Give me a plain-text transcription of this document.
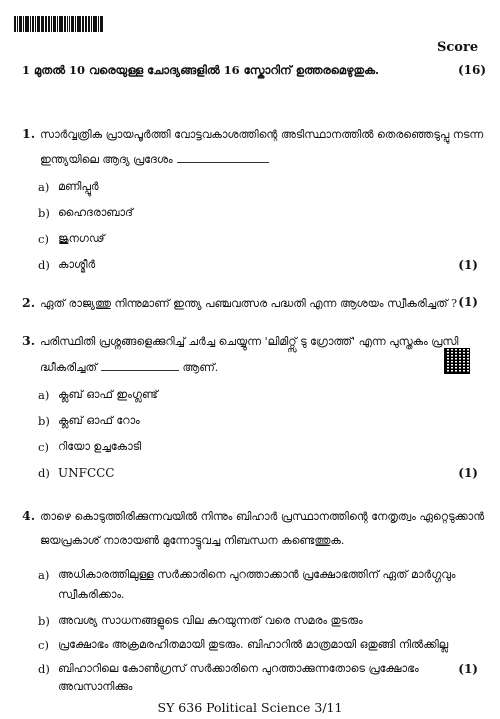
Score
1 മുതൽ 10 വരെയുള്ള ചോദ്യങ്ങളിൽ 16 സ്കോറിന് ഉത്തരമെഴുതുക.	(16)
1. സാർവ്വത്രിക പ്രായപൂർത്തി വോട്ടവകാശത്തിന്റെ അടിസ്ഥാനത്തിൽ തെരഞ്ഞെടുപ്പു നടന്ന
ഇന്ത്യയിലെ ആദ്യ പ്രദേശം
a) മണിപ്പൂർ
b) ഹൈദരാബാദ്
c) ജുനഗഢ്
d) കാശ്മീർ	(1)
2. ഏത് രാജ്യത്തു നിന്നുമാണ് ഇന്ത്യ പഞ്ചവത്സര പദ്ധതി എന്ന ആശയം സ്വീകരിച്ചത് ? (1)
3. പരിസ്ഥിതി പ്രശ്നങ്ങളെക്കുറിച്ച് ചർച്ച ചെയ്യുന്ന 'ലിമിറ്റ്സ് ടു ഗ്രോത്ത്' എന്ന പുസ്തകം പ്രസി
ദ്ധീകരിച്ചത്	ആണ്.
a) ക്ലബ് ഓഫ് ഇംഗ്ലണ്ട്
b) ക്ലബ് ഓഫ് റോം
c) റിയോ ഉച്ചകോടി
d) UNFCCC	(1)
4. താഴെ കൊടുത്തിരിക്കുന്നവയിൽ നിന്നും ബിഹാർ പ്രസ്ഥാനത്തിന്റെ നേതൃത്വം ഏറ്റെടുക്കാൻ
ജയപ്രകാശ് നാരായൺ മുന്നോട്ടുവച്ച നിബന്ധന കണ്ടെത്തുക.
a) അധികാരത്തിലുള്ള സർക്കാരിനെ പുറത്താക്കാൻ പ്രക്ഷോഭത്തിന് ഏത് മാർഗ്ഗവും
സ്വീകരിക്കാം.
b) അവശ്യ സാധനങ്ങളുടെ വില കുറയുന്നത് വരെ സമരം തുടരും
c) പ്രക്ഷോഭം അക്രമരഹിതമായി തുടരും. ബിഹാറിൽ മാത്രമായി ഒതുങ്ങി നിൽക്കില്ല
d) ബിഹാറിലെ കോൺഗ്രസ് സർക്കാരിനെ പുറത്താക്കുന്നതോടെ പ്രക്ഷോഭം
അവസാനിക്കും
(1)
SY 636 Political Science 3/11
